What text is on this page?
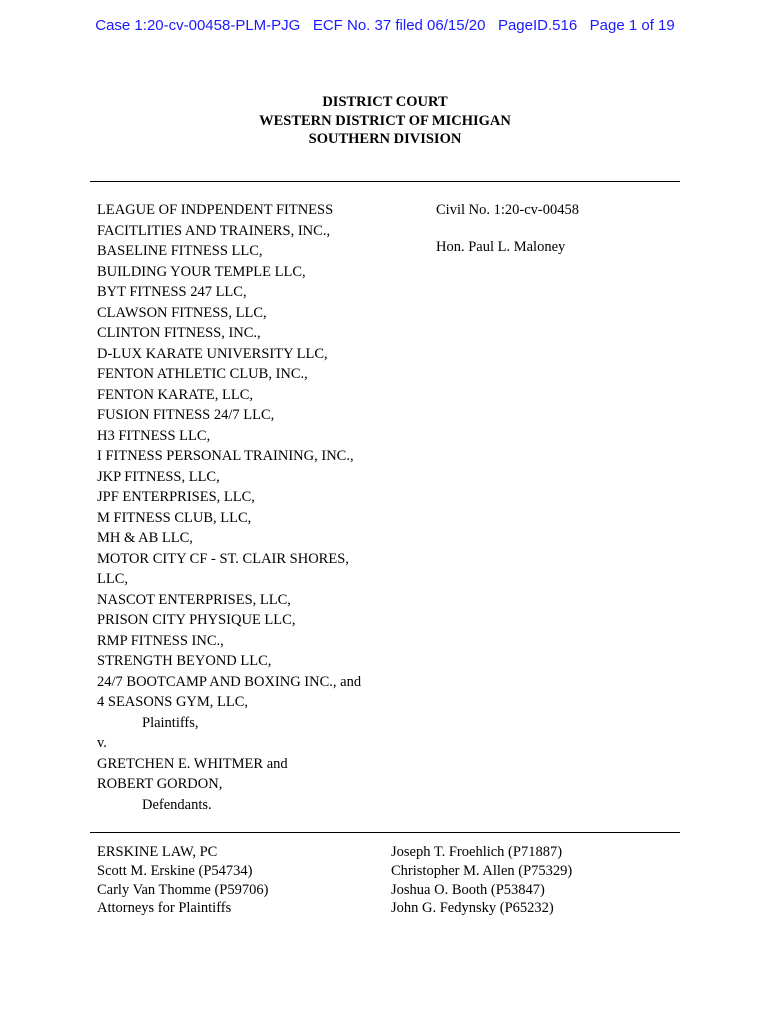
Case 1:20-cv-00458-PLM-PJG   ECF No. 37 filed 06/15/20   PageID.516   Page 1 of 19
DISTRICT COURT
WESTERN DISTRICT OF MICHIGAN
SOUTHERN DIVISION
LEAGUE OF INDPENDENT FITNESS
FACITLITIES AND TRAINERS, INC.,
BASELINE FITNESS LLC,
BUILDING YOUR TEMPLE LLC,
BYT FITNESS 247 LLC,
CLAWSON FITNESS, LLC,
CLINTON FITNESS, INC.,
D-LUX KARATE UNIVERSITY LLC,
FENTON ATHLETIC CLUB, INC.,
FENTON KARATE, LLC,
FUSION FITNESS 24/7 LLC,
H3 FITNESS LLC,
I FITNESS PERSONAL TRAINING, INC.,
JKP FITNESS, LLC,
JPF ENTERPRISES, LLC,
M FITNESS CLUB, LLC,
MH & AB LLC,
MOTOR CITY CF - ST. CLAIR SHORES,
LLC,
NASCOT ENTERPRISES, LLC,
PRISON CITY PHYSIQUE LLC,
RMP FITNESS INC.,
STRENGTH BEYOND LLC,
24/7 BOOTCAMP AND BOXING INC., and
4 SEASONS GYM, LLC,
Plaintiffs,
v.
GRETCHEN E. WHITMER and
ROBERT GORDON,
Defendants.
Civil No. 1:20-cv-00458
Hon. Paul L. Maloney
ERSKINE LAW, PC
Scott M. Erskine (P54734)
Carly Van Thomme (P59706)
Attorneys for Plaintiffs
Joseph T. Froehlich (P71887)
Christopher M. Allen (P75329)
Joshua O. Booth (P53847)
John G. Fedynsky (P65232)
